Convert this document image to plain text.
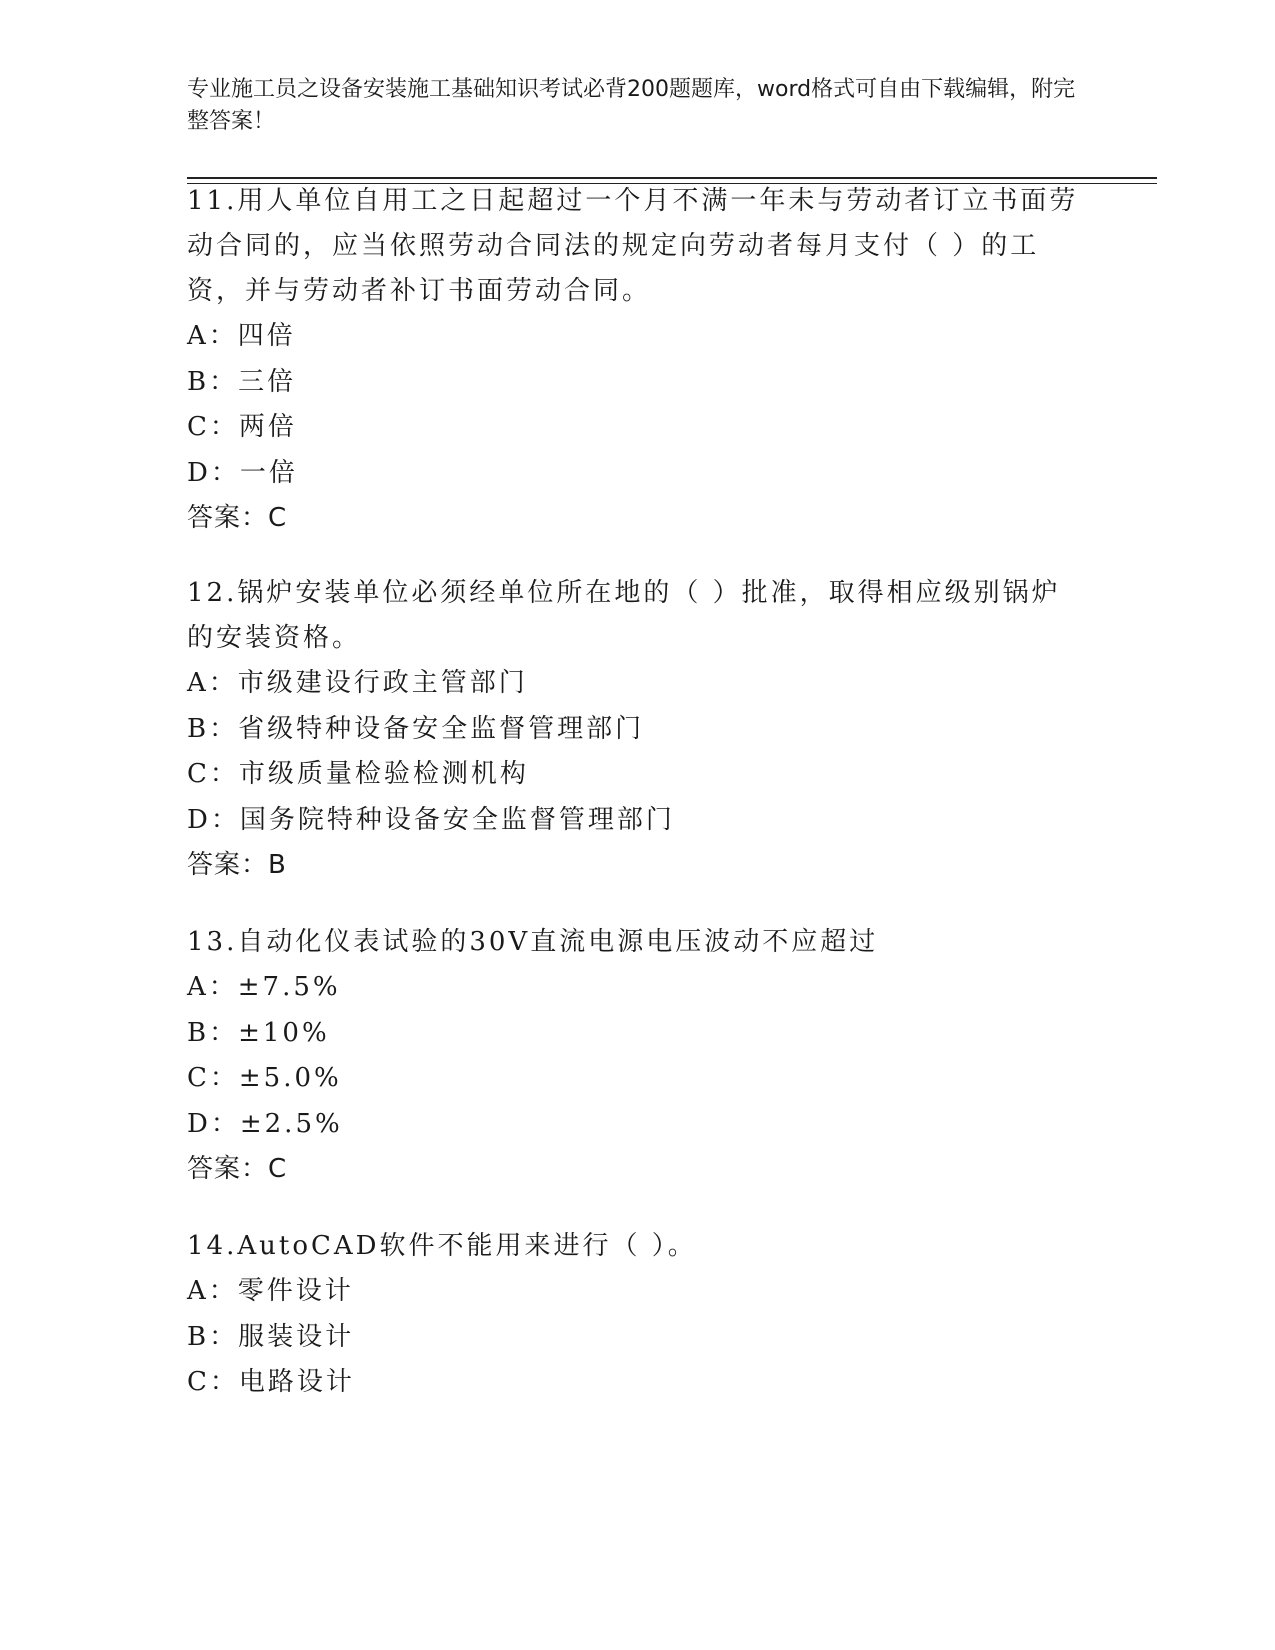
专业施工员之设备安装施工基础知识考试必背200题题库，word格式可自由下载编辑，附完整答案！
11.用人单位自用工之日起超过一个月不满一年未与劳动者订立书面劳动合同的，应当依照劳动合同法的规定向劳动者每月支付（ ）的工资，并与劳动者补订书面劳动合同。
A：四倍
B：三倍
C：两倍
D：一倍
答案：C
12.锅炉安装单位必须经单位所在地的（ ）批准，取得相应级别锅炉的安装资格。
A：市级建设行政主管部门
B：省级特种设备安全监督管理部门
C：市级质量检验检测机构
D：国务院特种设备安全监督管理部门
答案：B
13.自动化仪表试验的30V直流电源电压波动不应超过
A：±7.5%
B：±10%
C：±5.0%
D：±2.5%
答案：C
14.AutoCAD软件不能用来进行（ ）。
A：零件设计
B：服装设计
C：电路设计
